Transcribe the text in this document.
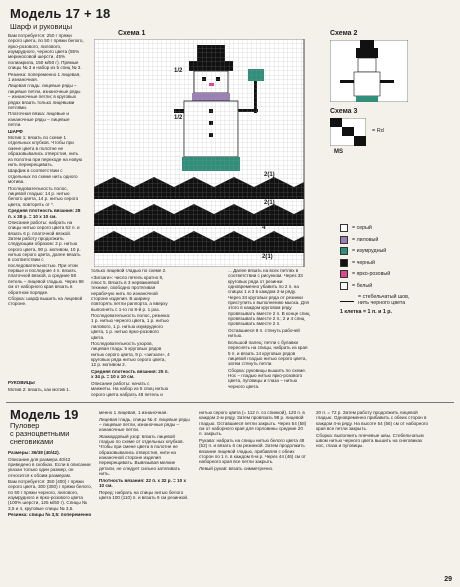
Модель 17 + 18
Шарф и руковицы

Вам потребуется: 250 г пряжи серого цвета, по 50 г пряжи белого, ярко-розового, лилового, изумрудного, черного цвета (55% мериносовой шерсти, 45% полиакрила, 150 м/50 г). Прямые спицы № 3 и набор из 5 спиц № 3.

Резинка: попеременно 1 лицевая, 1 изнаночная.

Лицевая гладь: лицевые ряды – лицевые петли, изнаночные ряды – изнаночные петли; в круговых рядах вязать только лицевыми петлями.

Платочная вязка: лицевые и изнаночные ряды – лицевые петли.

ШАРФ

Мотив 1: вязать по схеме 1 отдельных клубков. Чтобы при смене цвета в полотне не образовывались отверстия, нить из полотна при переходе на новую нить перекрещивать.

Шарфик в соответствии с отдельных по схеме нить одного мотива.

Последовательность полос, лицевой гладью: 14 р. нитью белого цвета, 14 р. нитью серого цвета, повторять от *.

Средняя плотность вязания: 28 п. x 38 р. = 10 x 10 см.

Описание работы: набрать на спицы нитью серого цвета 62 п. и вязать 6 р. платочной вязкой. Затем работу продолжить следующим образом: 2 р. нитью серого цвета, 90 р. мотивом, 10 р. нитью серого цвета, далее вязать в соответствии с последовательностью. При этом первые и последние 4 п. вязать платочной вязкой, а средние 58 петель – лицевой гладью. Через 98 см от наборного края вязать в обратном порядке.

Сборка: шарф вышить на лицевой стороне.

РУКОВИЦЫ

Мотив 2: вязать, как мотив 1.

только лицевой гладью по схеме 2.

«Зигзаги»: число петель кратно 8, плюс 5. Вязать в 3 нервакиевой технике, свободно протягивая нерабочую нить по изнаночной стороне изделия. В ширину повторять петли раппорта, а вверху выполнять с 1-го по 8-й р. 1 раз.

Последовательность полос, резинка: 1 р. нитью черного цвета, 1 р. нитью лилового, 1 р. нитью изумрудного цвета, 1 р. нитью ярко-розового цвета.

Последовательность узоров, лицевая гладь: 5 круговых рядов нитью серого цвета, 9 р. «зигзаги», 4 круговых ряда нитью серого цвета, 12 р. мотивом 2.

Средняя плотность вязания: 25 п. x 34 р. = 10 x 10 см.

Описание работы: начать с манжеты. На набор из 5 спиц нитью серого цвета набрать 48 петель и

... Далее вязать на всех петлях в соответствии с рисунком. Через 33 круговых ряда от резинки одновременно убавить по 2 п. на спицах 1 и 3 в каждом 2-м ряду. Через 34 круговых ряда от резинки приступить к выполнению мыска. Для этого в каждом круговом ряду провязывать вместе 2 п. В конце спиц провязывать вместе 2 п.; 2 и 4 спиц провязывать вместе 2 п.

Оставшиеся 8 п. стянуть рабочей нитью.

Большой палец: петли с булавки переснять на спицы, набрать из края 5 п. и вязать 14 круговых рядов лицевой гладью нитью серого цвета, затем стянуть петли.

Сборка: руковицы вышить по схеме. Нос – гладью нитью ярко-розового цвета, пуговицы и глаза – нитью черного цвета.

Схема 1	Схема 2
Схема 3
1/2
1/2
2(1)
2(1)
4
2(1)
MS
= Rd
= серый
= лиловый
= изумрудный
= черный
= ярко-розовый
= белый
= стебельчатый шов,
нить черного цвета
1 клетка = 1 п. и 1 р.
Модель 19
Пуловер
с разноцветными
снеговиками

Размеры: 36/38 (40/42).

Описание для размера 40/42 приведено в скобках. Если в описании указан только один размер, он относится к обоим размерам.

Вам потребуется: 350 (400) г пряжи серого цвета, 300 (350) г пряжи белого, по 50 г пряжи черного, лилового, изумрудного и ярко-розового цвета (100% шерсти, 125 м/50 г). Спицы № 3,5 и 4, круговые спицы № 3,5.

Резинка: спицы № 3,5: попеременно

менно 1 лицевая, 1 изнаночная.

Лицевая гладь, спицы № 4: лицевые ряды – лицевые петли, изнаночные ряды – изнаночные петли.

Жаккардовый узор: вязать лицевой гладью по схеме от отдельных клубков. Чтобы при смене цвета в полотне не образовывались отверстия, нити на изнаночной стороне изделия перекрещивать. Вывязывая мелкие детали, не следует сильно затягивать нить.

Плотность вязания: 22 п. x 32 р. = 10 x 10 см.

Перед: набрать на спицы нитью белого цвета 100 (110) п. и вязать 6 см резинкой.

нитью серого цвета (= 112 п. со спинкой), 120 п. в каждом 2-м ряду. Затем провязать 98 р. лицевой гладью. Оставшиеся петли закрыть. Через 54 (58) см от наборного края для горловины средние 20 п. закрыть.

Рукава: набрать на спицы нитью белого цвета 48 (52) п. и вязать 6 см резинкой. Затем продолжить вязание лицевой гладью, прибавляя с обеих сторон по 1 п. в каждом 6-м р. Через 44 (46) см от наборного края все петли закрыть.

Левый рукав: вязать симметрично.

20 п. = 72 р. Затем работу продолжить лицевой гладью. Одновременно прибавить с обеих сторон в каждом 4-м ряду. На высоте 54 (56) см от наборного края все петли закрыть.

Сборка: выполнить плечевые швы. Стебельчатым швом нитью черного цвета вышить на снеговиках нос, глаза и пуговицы.

29
